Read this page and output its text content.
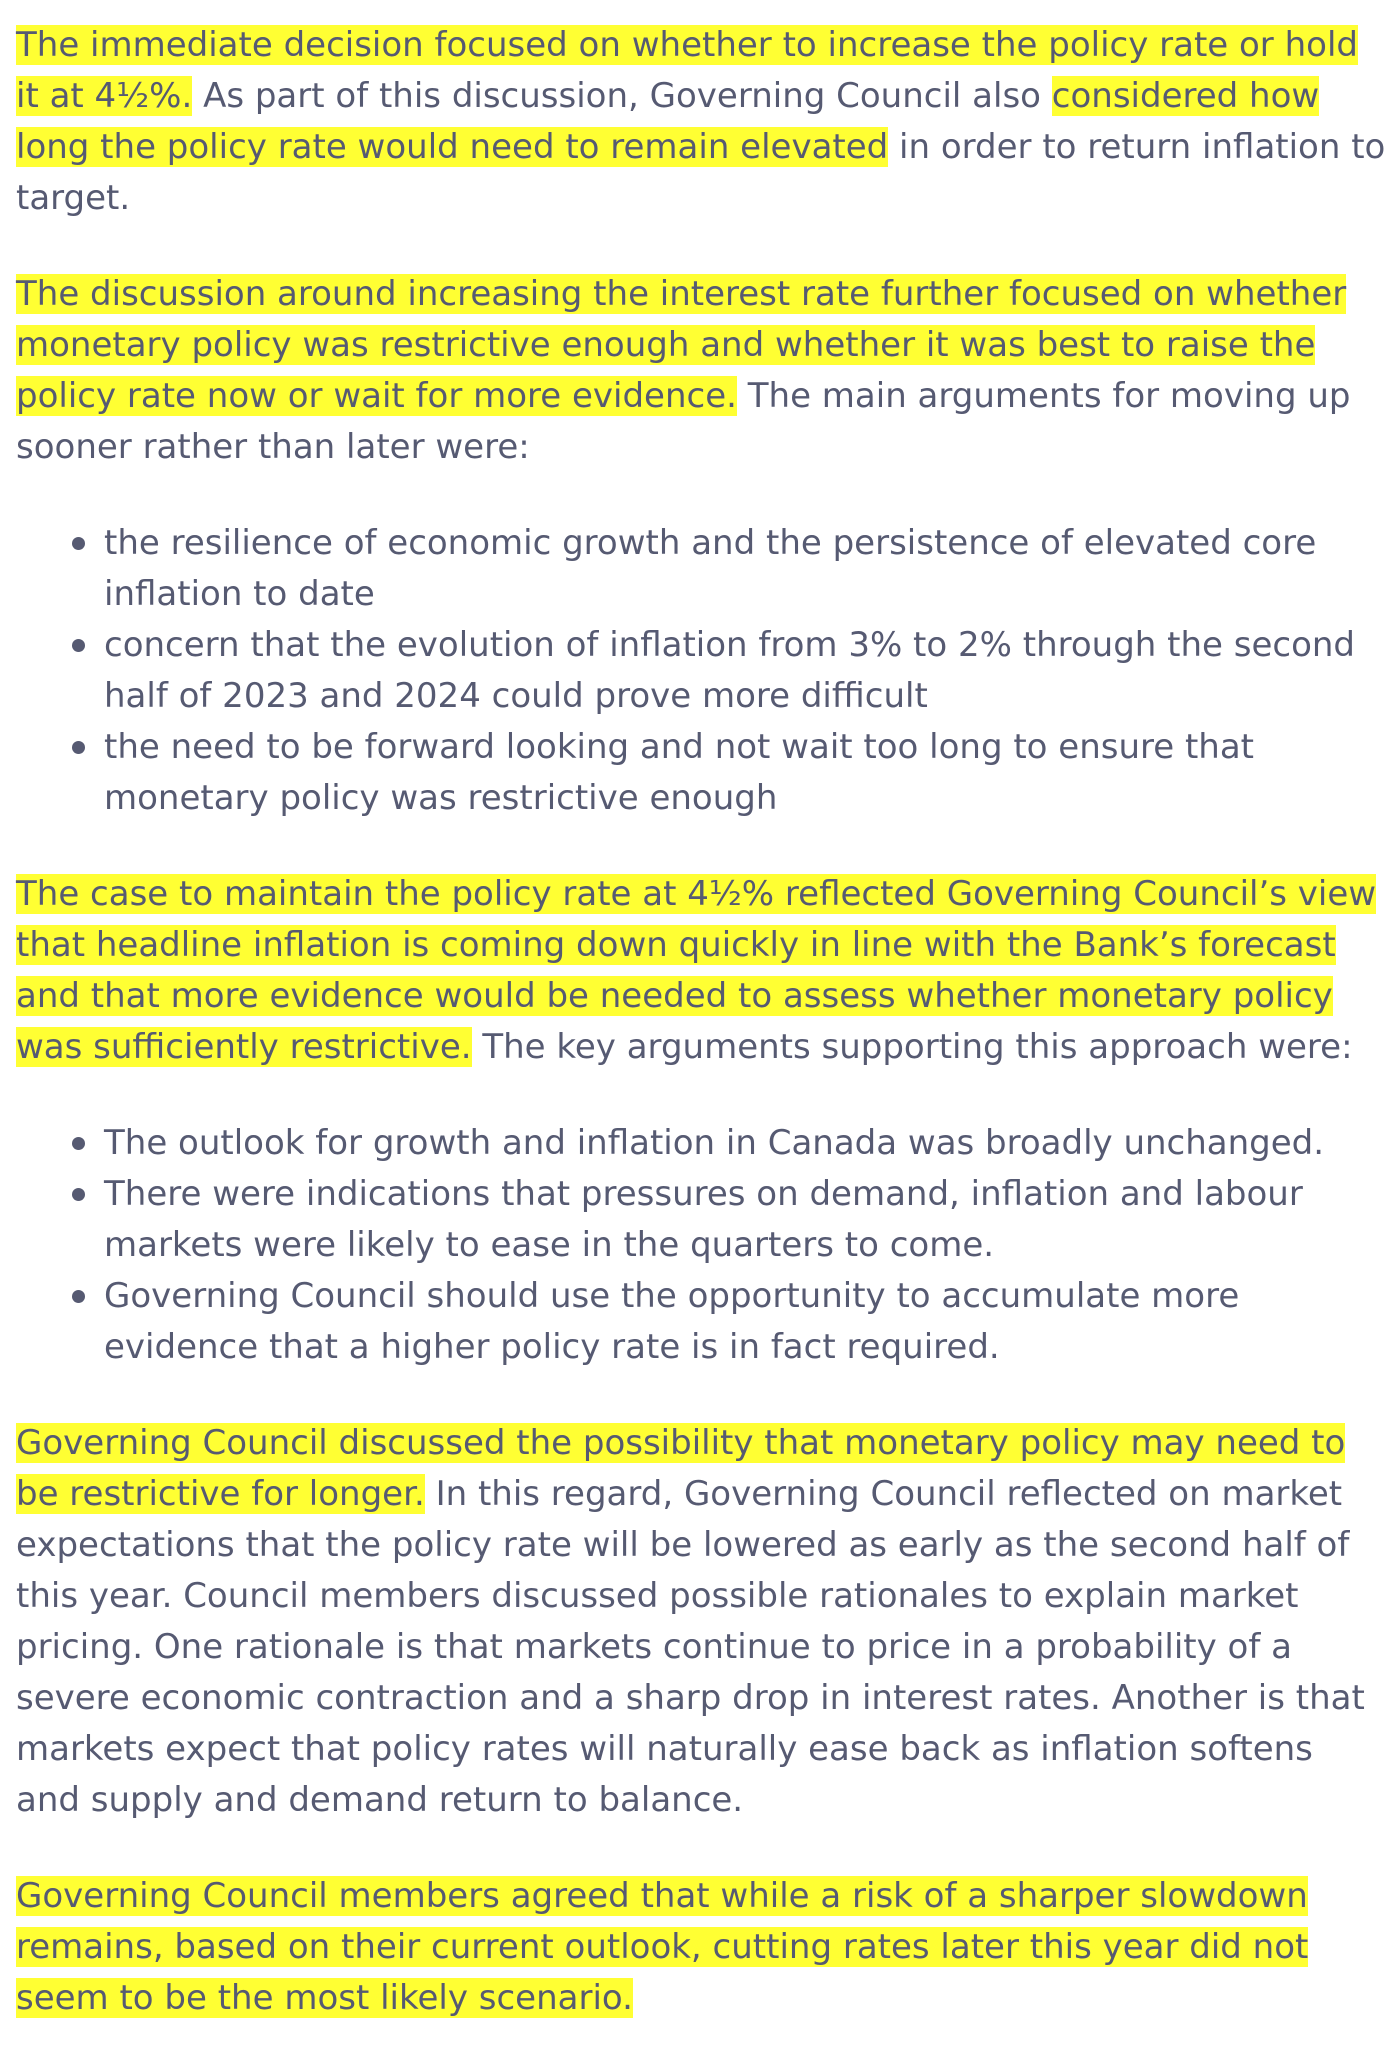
The immediate decision focused on whether to increase the policy rate or hold it at 4½%. As part of this discussion, Governing Council also considered how long the policy rate would need to remain elevated in order to return inflation to target.

The discussion around increasing the interest rate further focused on whether monetary policy was restrictive enough and whether it was best to raise the policy rate now or wait for more evidence. The main arguments for moving up sooner rather than later were:

the resilience of economic growth and the persistence of elevated core inflation to date
concern that the evolution of inflation from 3% to 2% through the second half of 2023 and 2024 could prove more difficult
the need to be forward looking and not wait too long to ensure that monetary policy was restrictive enough

The case to maintain the policy rate at 4½% reflected Governing Council’s view that headline inflation is coming down quickly in line with the Bank’s forecast and that more evidence would be needed to assess whether monetary policy was sufficiently restrictive. The key arguments supporting this approach were:

The outlook for growth and inflation in Canada was broadly unchanged.
There were indications that pressures on demand, inflation and labour markets were likely to ease in the quarters to come.
Governing Council should use the opportunity to accumulate more evidence that a higher policy rate is in fact required.

Governing Council discussed the possibility that monetary policy may need to be restrictive for longer. In this regard, Governing Council reflected on market expectations that the policy rate will be lowered as early as the second half of this year. Council members discussed possible rationales to explain market pricing. One rationale is that markets continue to price in a probability of a severe economic contraction and a sharp drop in interest rates. Another is that markets expect that policy rates will naturally ease back as inflation softens and supply and demand return to balance.

Governing Council members agreed that while a risk of a sharper slowdown remains, based on their current outlook, cutting rates later this year did not seem to be the most likely scenario.
